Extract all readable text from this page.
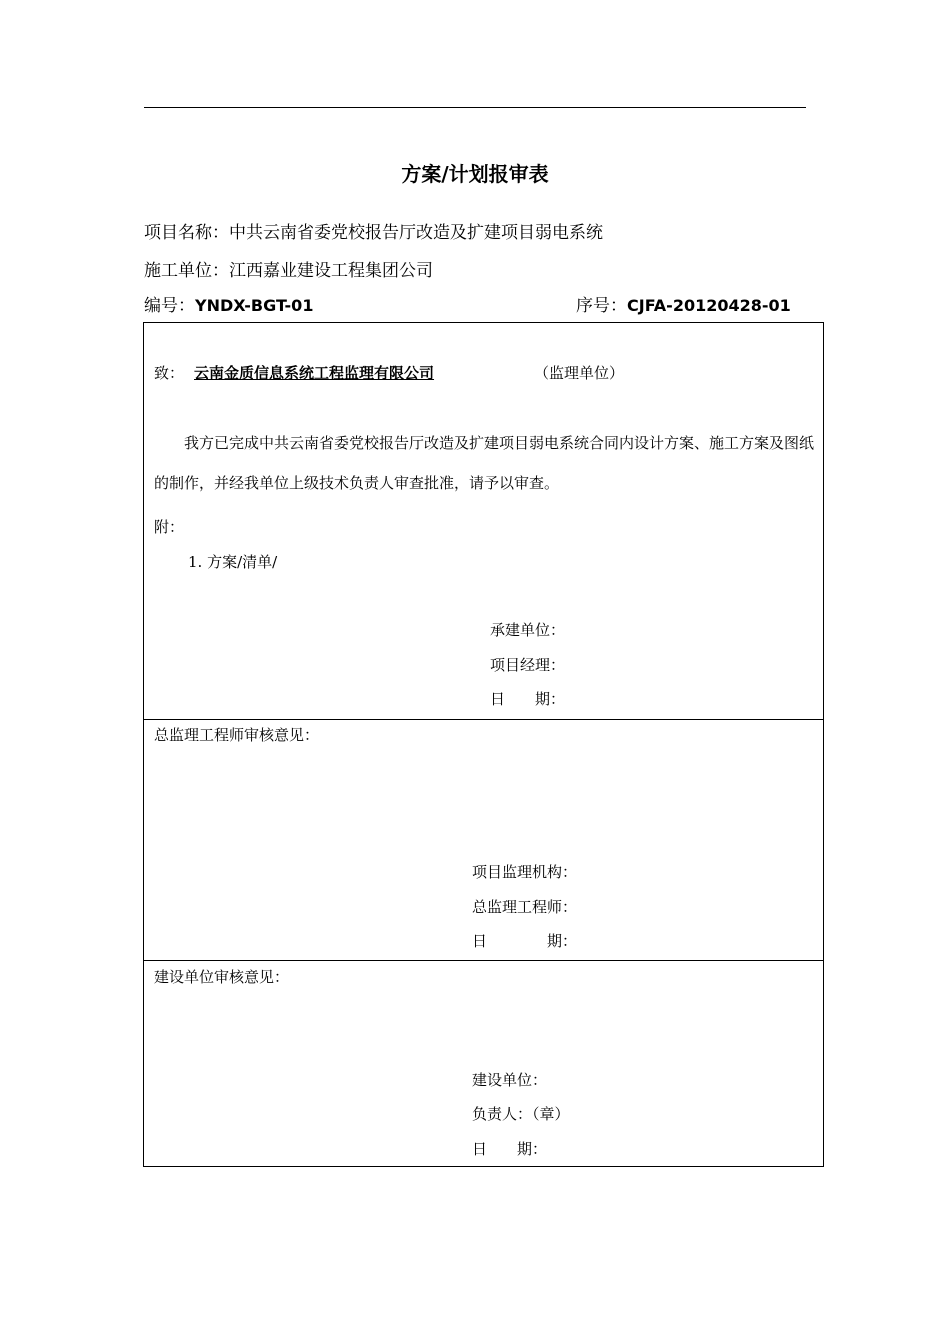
方案/计划报审表
项目名称：中共云南省委党校报告厅改造及扩建项目弱电系统
施工单位：江西嘉业建设工程集团公司
编号：YNDX-BGT-01	序号：CJFA-20120428-01
致： 云南金质信息系统工程监理有限公司	（监理单位）
我方已完成中共云南省委党校报告厅改造及扩建项目弱电系统合同内设计方案、施工方案及图纸的制作，并经我单位上级技术负责人审查批准，请予以审查。
附：
1. 方案/清单/
承建单位：
项目经理：
日　　期：
总监理工程师审核意见：
项目监理机构：
总监理工程师：
日　　　　期：
建设单位审核意见：
建设单位：
负责人：（章）
日　　期：
